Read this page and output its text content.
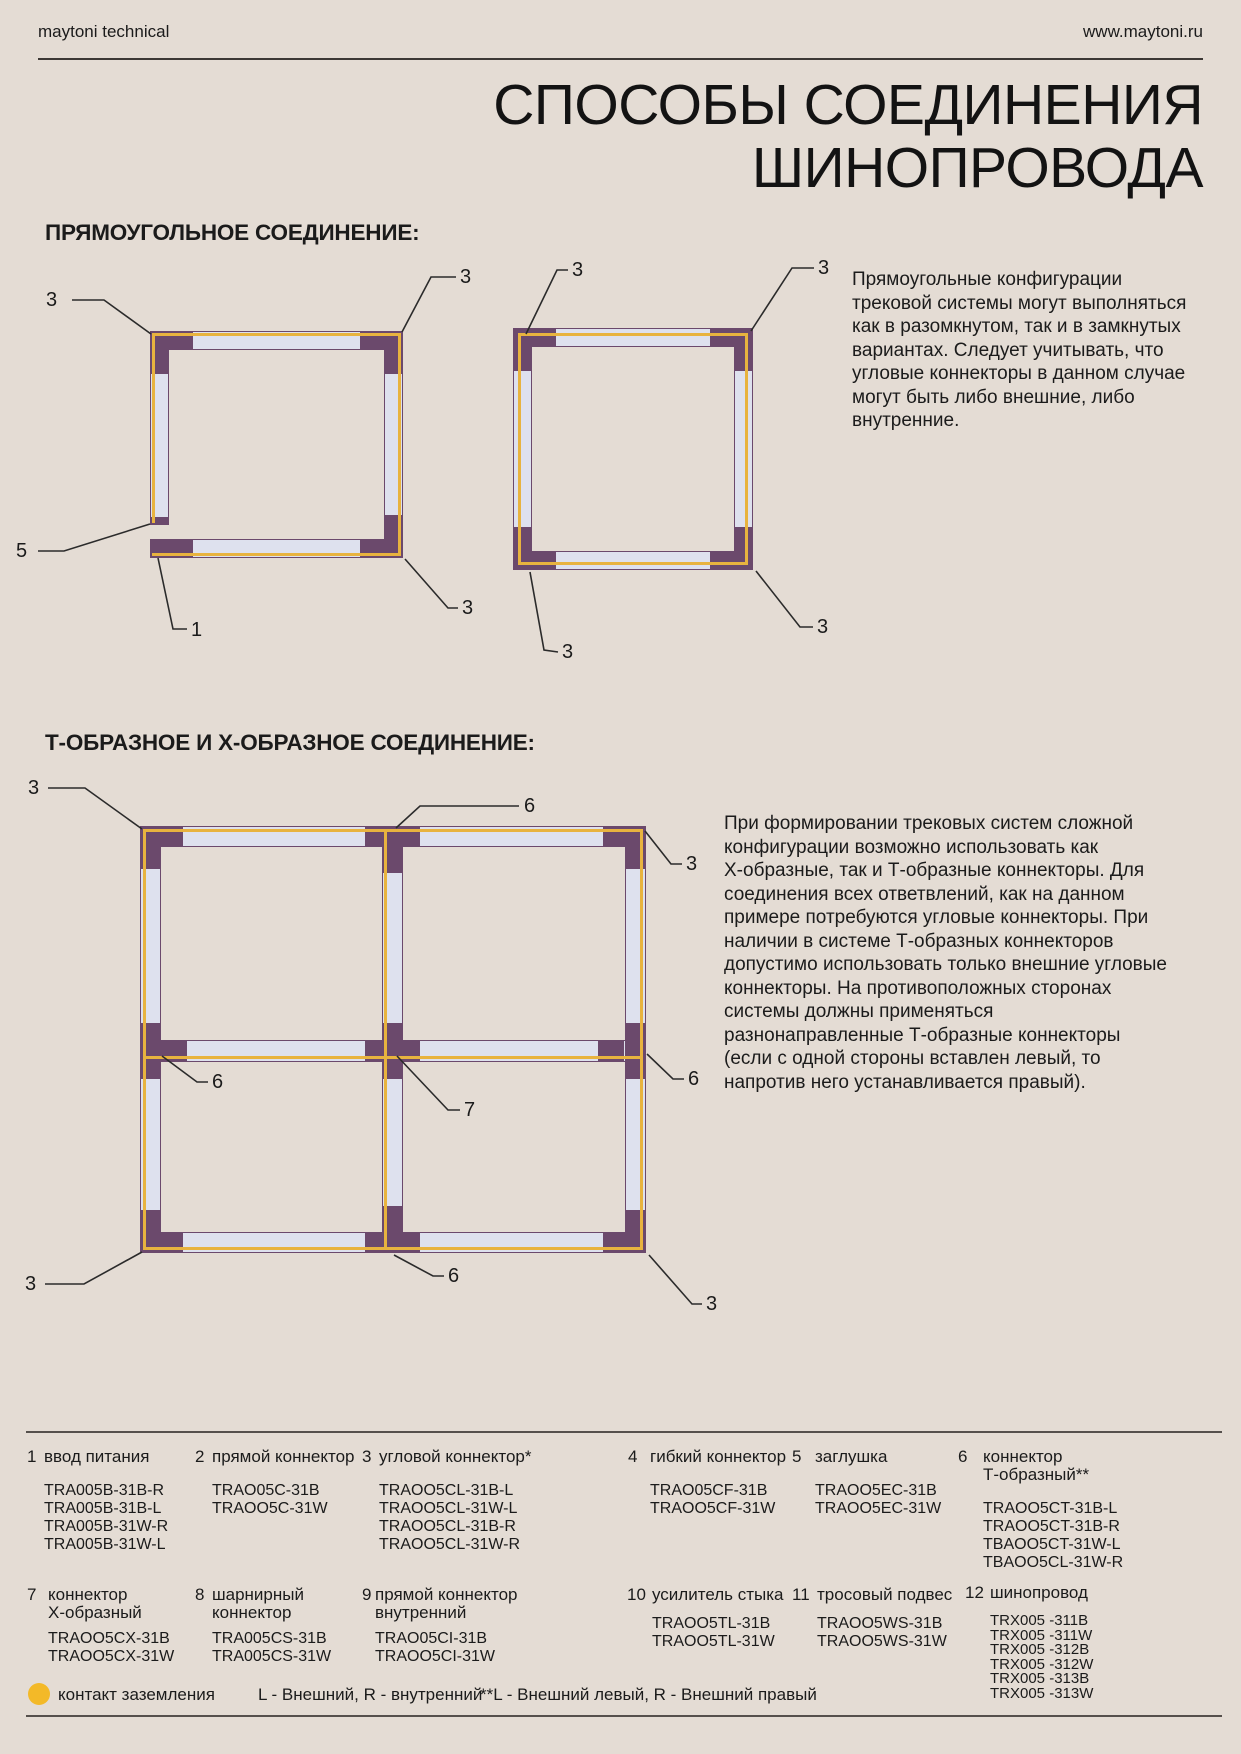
maytoni technical	www.maytoni.ru
СПОСОБЫ СОЕДИНЕНИЯ
ШИНОПРОВОДА
ПРЯМОУГОЛЬНОЕ СОЕДИНЕНИЕ:
Прямоугольные конфигурации
трековой системы могут выполняться
как в разомкнутом, так и в замкнутых
вариантах. Следует учитывать, что
угловые коннекторы в данном случае
могут быть либо внешние, либо
внутренние.
Т-ОБРАЗНОЕ И Х-ОБРАЗНОЕ СОЕДИНЕНИЕ:
При формировании трековых систем сложной
конфигурации возможно использовать как
Х-образные, так и Т-образные коннекторы. Для
соединения всех ответвлений, как на данном
примере потребуются угловые коннекторы. При
наличии в системе Т-образных коннекторов
допустимо использовать только внешние угловые
коннекторы. На противоположных сторонах
системы должны применяться
разнонаправленные Т-образные коннекторы
(если с одной стороны вставлен левый, то
напротив него устанавливается правый).
3
3
5
1
3
3	3
3
3
3
6
3
6
7
6
3	6
3
1 ввод питания
TRA005B-31B-R
TRA005B-31B-L
TRA005B-31W-R
TRA005B-31W-L
2 прямой коннектор
TRAO05C-31B
TRAOO5C-31W
3 угловой коннектор*
TRAOO5CL-31B-L
TRAOO5CL-31W-L
TRAOO5CL-31B-R
TRAOO5CL-31W-R
4 гибкий коннектор
TRAO05CF-31B
TRAOO5CF-31W
5 заглушка
TRAOO5EC-31B
TRAOO5EC-31W
6 коннектор
Т-образный**
TRAOO5CT-31B-L
TRAOO5CT-31B-R
TBAOO5CT-31W-L
TBAOO5CL-31W-R
7 коннектор
Х-образный
TRAOO5CX-31B
TRAOO5CX-31W
8 шарнирный
коннектор
TRA005CS-31B
TRA005CS-31W
9 прямой коннектор
внутренний
TRAO05CI-31B
TRAOO5CI-31W
10 усилитель стыка
TRAOO5TL-31B
TRAOO5TL-31W
11 тросовый подвес
TRAOO5WS-31B
TRAOO5WS-31W
12 шинопровод
TRX005 -311B
TRX005 -311W
TRX005 -312B
TRX005 -312W
TRX005 -313B
TRX005 -313W
контакт заземления	L - Внешний, R - внутренний
**L - Внешний левый, R - Внешний правый
